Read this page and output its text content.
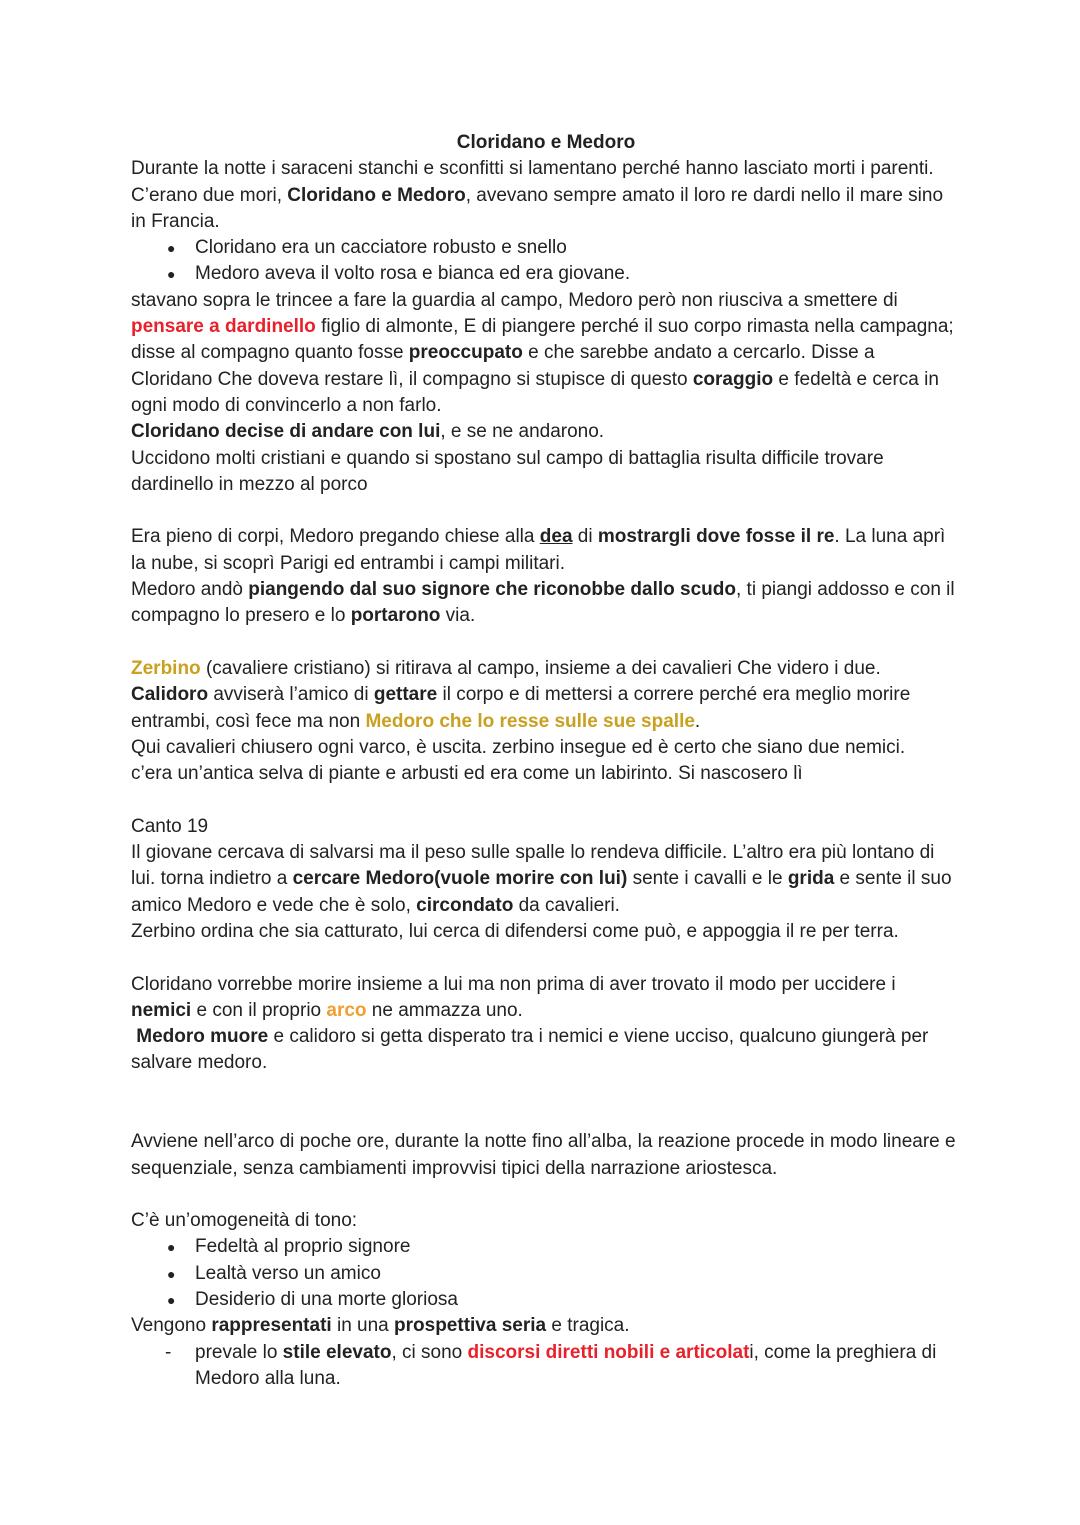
Cloridano e Medoro

Durante la notte i saraceni stanchi e sconfitti si lamentano perché hanno lasciato morti i parenti. C’erano due mori, Cloridano e Medoro, avevano sempre amato il loro re dardi nello il mare sino in Francia.

● Cloridano era un cacciatore robusto e snello
● Medoro aveva il volto rosa e bianca ed era giovane.

stavano sopra le trincee a fare la guardia al campo, Medoro però non riusciva a smettere di pensare a dardinello figlio di almonte, E di piangere perché il suo corpo rimasta nella campagna; disse al compagno quanto fosse preoccupato e che sarebbe andato a cercarlo. Disse a Cloridano Che doveva restare lì, il compagno si stupisce di questo coraggio e fedeltà e cerca in ogni modo di convincerlo a non farlo.

Cloridano decise di andare con lui, e se ne andarono.

Uccidono molti cristiani e quando si spostano sul campo di battaglia risulta difficile trovare dardinello in mezzo al porco

Era pieno di corpi, Medoro pregando chiese alla dea di mostrargli dove fosse il re. La luna aprì la nube, si scoprì Parigi ed entrambi i campi militari.

Medoro andò piangendo dal suo signore che riconobbe dallo scudo, ti piangi addosso e con il compagno lo presero e lo portarono via.

Zerbino (cavaliere cristiano) si ritirava al campo, insieme a dei cavalieri Che videro i due.

Calidoro avviserà l’amico di gettare il corpo e di mettersi a correre perché era meglio morire entrambi, così fece ma non Medoro che lo resse sulle sue spalle.

Qui cavalieri chiusero ogni varco, è uscita. zerbino insegue ed è certo che siano due nemici.

c’era un’antica selva di piante e arbusti ed era come un labirinto. Si nascosero lì

Canto 19

Il giovane cercava di salvarsi ma il peso sulle spalle lo rendeva difficile. L’altro era più lontano di lui. torna indietro a cercare Medoro(vuole morire con lui) sente i cavalli e le grida e sente il suo amico Medoro e vede che è solo, circondato da cavalieri.

Zerbino ordina che sia catturato, lui cerca di difendersi come può, e appoggia il re per terra.

Cloridano vorrebbe morire insieme a lui ma non prima di aver trovato il modo per uccidere i nemici e con il proprio arco ne ammazza uno.

Medoro muore e calidoro si getta disperato tra i nemici e viene ucciso, qualcuno giungerà per salvare medoro.

Avviene nell’arco di poche ore, durante la notte fino all’alba, la reazione procede in modo lineare e sequenziale, senza cambiamenti improvvisi tipici della narrazione ariostesca.

C’è un’omogeneità di tono:

● Fedeltà al proprio signore
● Lealtà verso un amico
● Desiderio di una morte gloriosa

Vengono rappresentati in una prospettiva seria e tragica.

- prevale lo stile elevato, ci sono discorsi diretti nobili e articolati, come la preghiera di Medoro alla luna.
